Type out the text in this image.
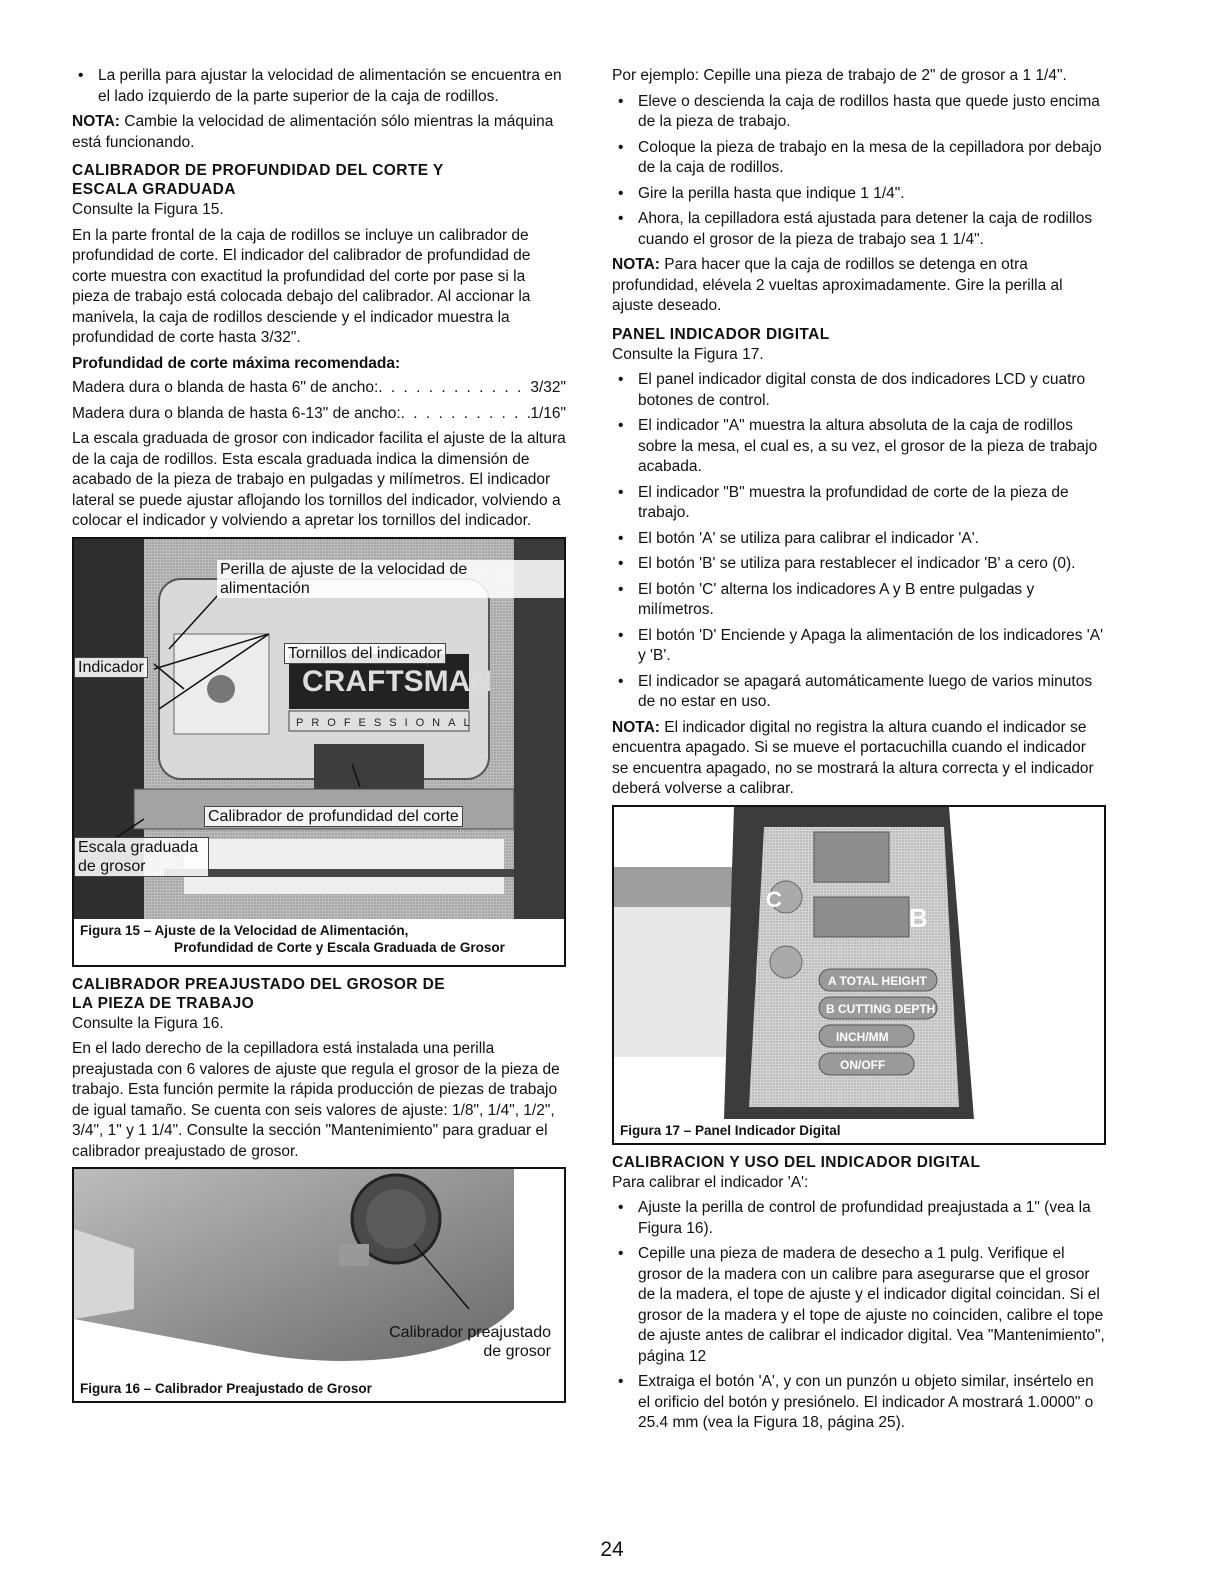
• La perilla para ajustar la velocidad de alimentación se encuentra en el lado izquierdo de la parte superior de la caja de rodillos.

NOTA: Cambie la velocidad de alimentación sólo mientras la máquina está funcionando.

CALIBRADOR DE PROFUNDIDAD DEL CORTE Y
ESCALA GRADUADA

Consulte la Figura 15.

En la parte frontal de la caja de rodillos se incluye un calibrador de profundidad de corte. El indicador del calibrador de profundidad de corte muestra con exactitud la profundidad del corte por pase si la pieza de trabajo está colocada debajo del calibrador. Al accionar la manivela, la caja de rodillos desciende y el indicador muestra la profundidad de corte hasta 3/32".

Profundidad de corte máxima recomendada:
Madera dura o blanda de hasta 6" de ancho: . . .	3/32"
Madera dura o blanda de hasta 6-13" de ancho: . . .	1/16"

La escala graduada de grosor con indicador facilita el ajuste de la altura de la caja de rodillos. Esta escala graduada indica la dimensión de acabado de la pieza de trabajo en pulgadas y milímetros. El indicador lateral se puede ajustar aflojando los tornillos del indicador, volviendo a colocar el indicador y volviendo a apretar los tornillos del indicador.

CRAFTSMAN
PROFESSIONAL
Perilla de ajuste de la velocidad de alimentación
Indicador
Tornillos del indicador
Calibrador de profundidad del corte
Escala graduada de grosor
Figura 15 – Ajuste de la Velocidad de Alimentación,
Profundidad de Corte y Escala Graduada de Grosor
CALIBRADOR PREAJUSTADO DEL GROSOR DE
LA PIEZA DE TRABAJO

Consulte la Figura 16.

En el lado derecho de la cepilladora está instalada una perilla preajustada con 6 valores de ajuste que regula el grosor de la pieza de trabajo. Esta función permite la rápida producción de piezas de trabajo de igual tamaño. Se cuenta con seis valores de ajuste: 1/8", 1/4", 1/2", 3/4", 1" y 1 1/4". Consulte la sección "Mantenimiento" para graduar el calibrador preajustado de grosor.

Calibrador preajustado de grosor
Figura 16 – Calibrador Preajustado de Grosor

Por ejemplo: Cepille una pieza de trabajo de 2" de grosor a 1 1/4".

• Eleve o descienda la caja de rodillos hasta que quede justo encima de la pieza de trabajo.
• Coloque la pieza de trabajo en la mesa de la cepilladora por debajo de la caja de rodillos.
• Gire la perilla hasta que indique 1 1/4".
• Ahora, la cepilladora está ajustada para detener la caja de rodillos cuando el grosor de la pieza de trabajo sea 1 1/4".

NOTA: Para hacer que la caja de rodillos se detenga en otra profundidad, elévela 2 vueltas aproximadamente. Gire la perilla al ajuste deseado.

PANEL INDICADOR DIGITAL

Consulte la Figura 17.

• El panel indicador digital consta de dos indicadores LCD y cuatro botones de control.
• El indicador "A" muestra la altura absoluta de la caja de rodillos sobre la mesa, el cual es, a su vez, el grosor de la pieza de trabajo acabada.
• El indicador "B" muestra la profundidad de corte de la pieza de trabajo.
• El botón 'A' se utiliza para calibrar el indicador 'A'.
• El botón 'B' se utiliza para restablecer el indicador 'B' a cero (0).
• El botón 'C' alterna los indicadores A y B entre pulgadas y milímetros.
• El botón 'D' Enciende y Apaga la alimentación de los indicadores 'A' y 'B'.
• El indicador se apagará automáticamente luego de varios minutos de no estar en uso.

NOTA: El indicador digital no registra la altura cuando el indicador se encuentra apagado. Si se mueve el portacuchilla cuando el indicador se encuentra apagado, no se mostrará la altura correcta y el indicador deberá volverse a calibrar.

B
C
A TOTAL HEIGHT
B CUTTING DEPTH
INCH/MM
ON/OFF
Figura 17 – Panel Indicador Digital
CALIBRACION Y USO DEL INDICADOR DIGITAL

Para calibrar el indicador 'A':

• Ajuste la perilla de control de profundidad preajustada a 1" (vea la Figura 16).
• Cepille una pieza de madera de desecho a 1 pulg. Verifique el grosor de la madera con un calibre para asegurarse que el grosor de la madera, el tope de ajuste y el indicador digital coincidan. Si el grosor de la madera y el tope de ajuste no coinciden, calibre el tope de ajuste antes de calibrar el indicador digital. Vea "Mantenimiento", página 12
• Extraiga el botón 'A', y con un punzón u objeto similar, insértelo en el orificio del botón y presiónelo. El indicador A mostrará 1.0000" o 25.4 mm (vea la Figura 18, página 25).
24
